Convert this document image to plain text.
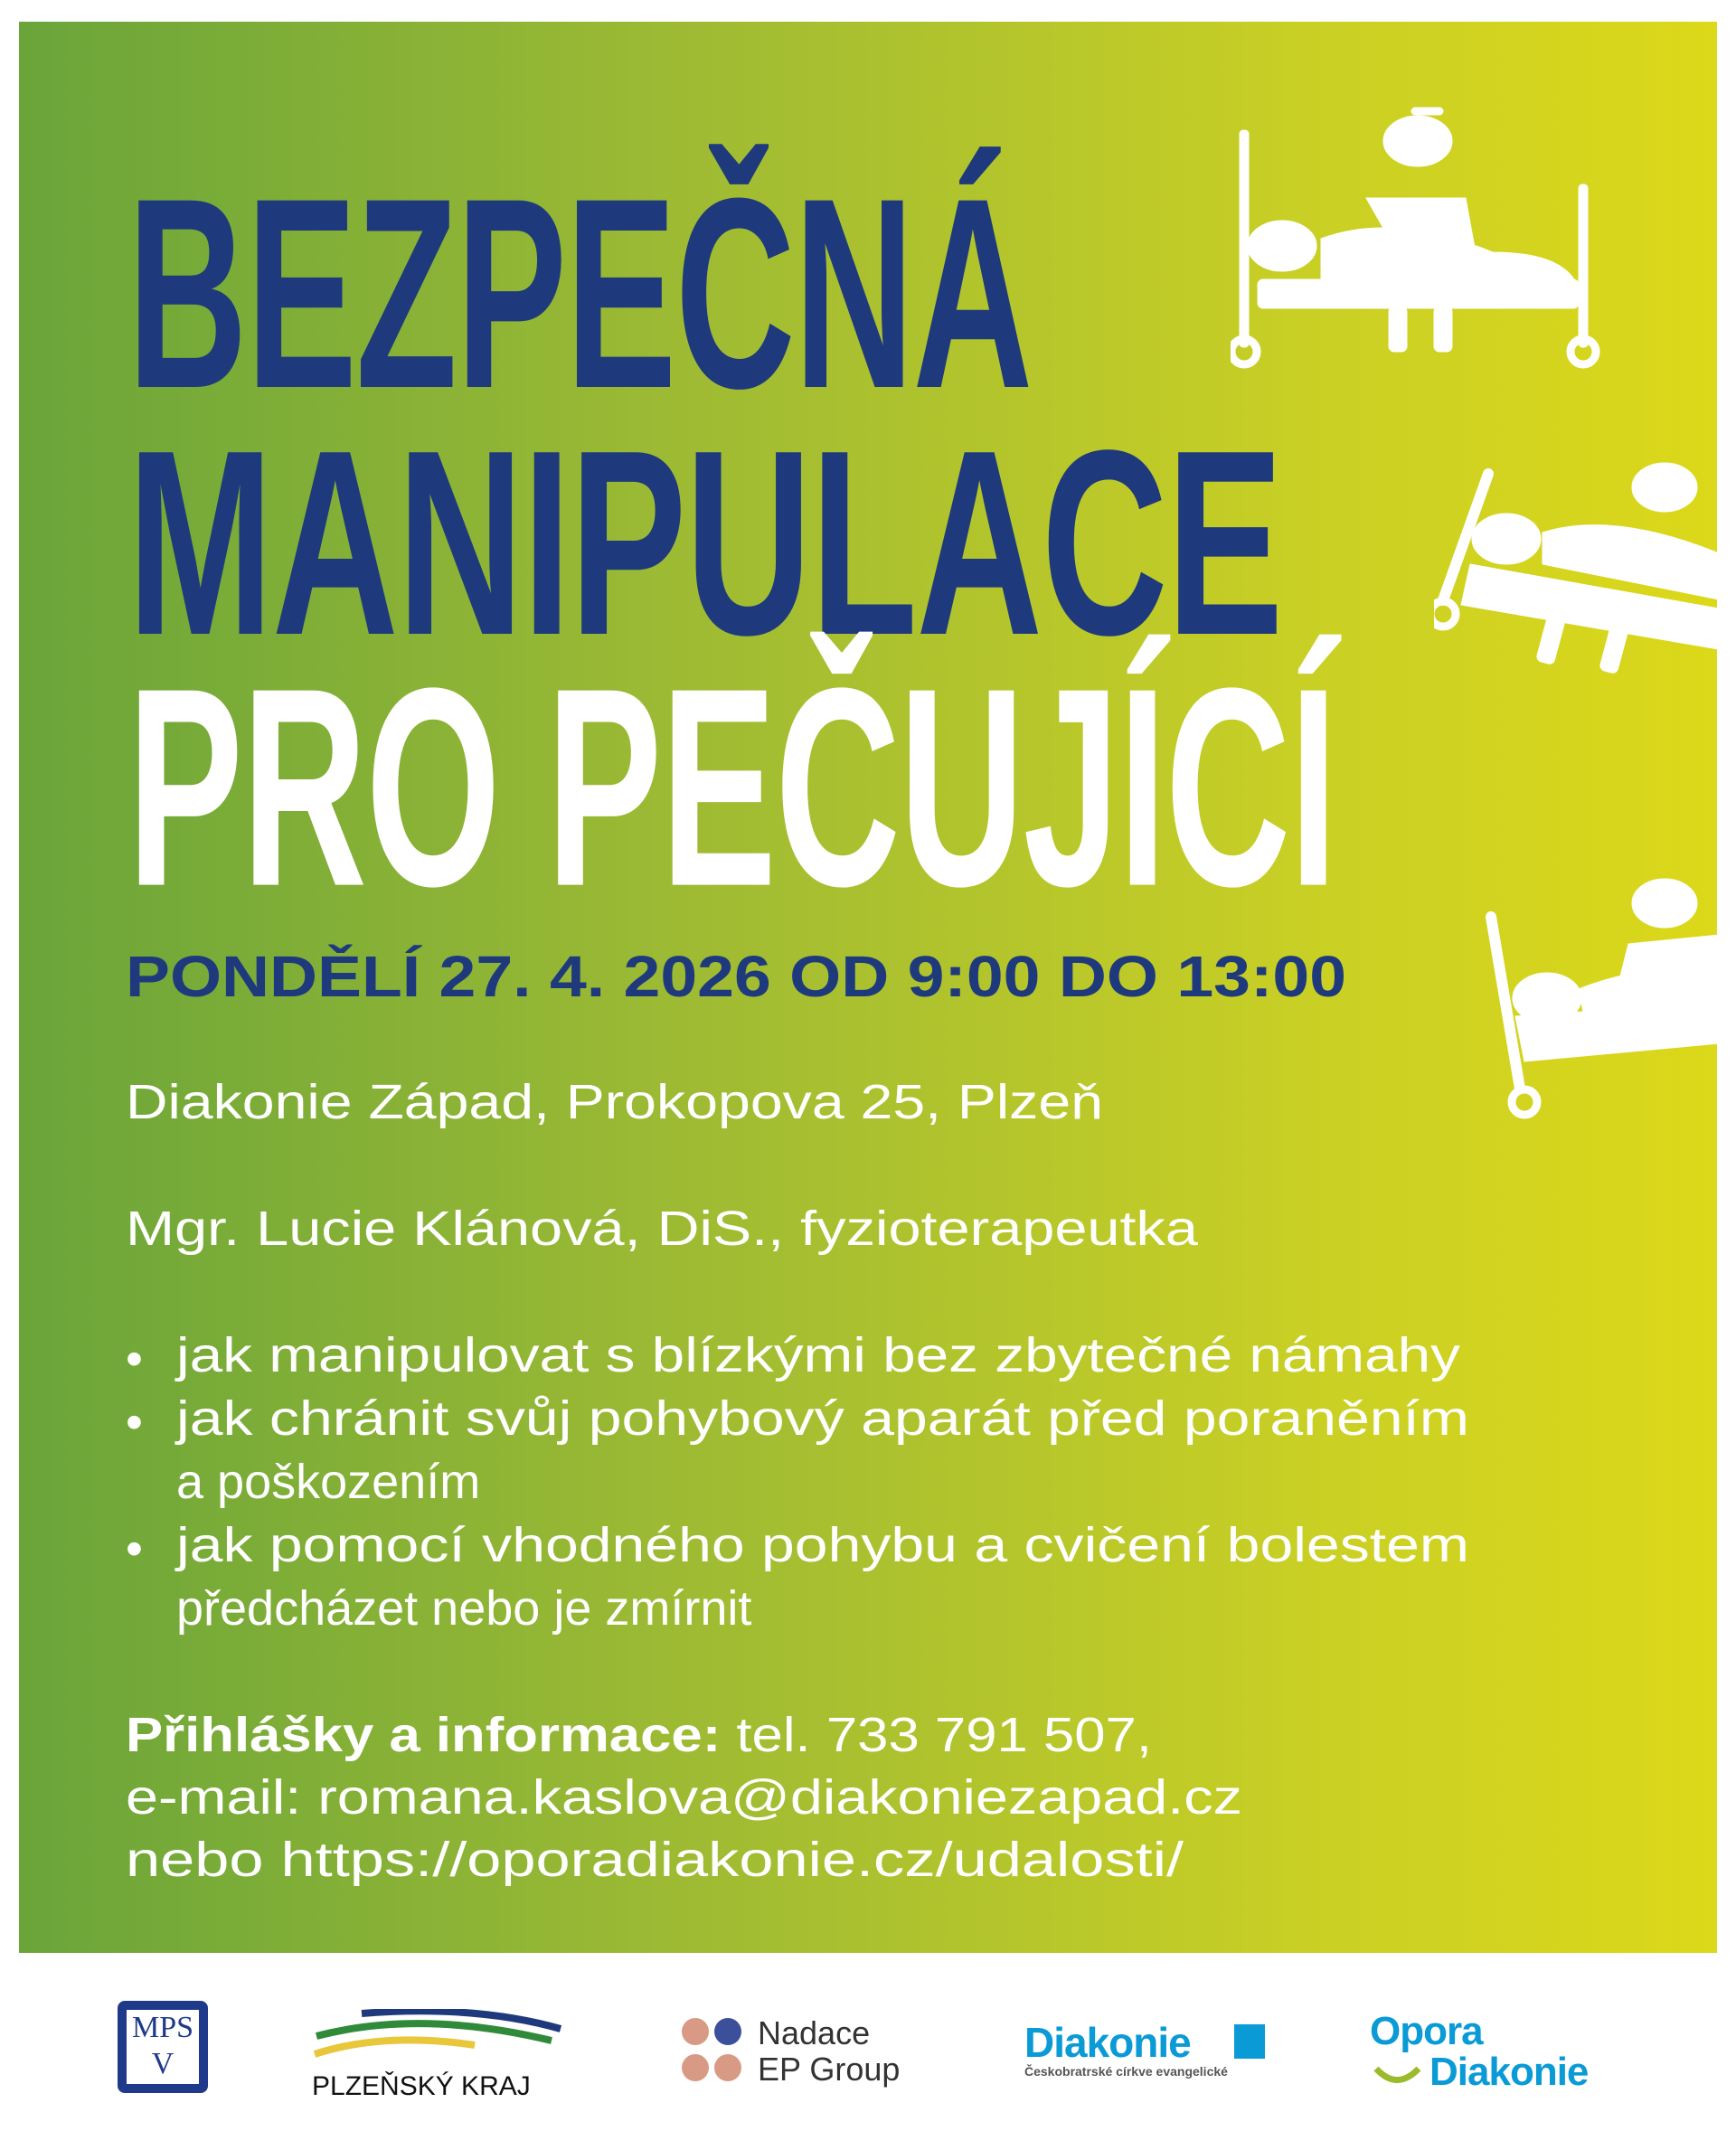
BEZPEČNÁ
MANIPULACE
PRO PEČUJÍCÍ
PONDĚLÍ 27. 4. 2026 OD 9:00 DO 13:00
Diakonie Západ, Prokopova 25, Plzeň
Mgr. Lucie Klánová, DiS., fyzioterapeutka
• jak manipulovat s blízkými bez zbytečné námahy
• jak chránit svůj pohybový aparát před poraněním
a poškozením
• jak pomocí vhodného pohybu a cvičení bolestem
předcházet nebo je zmírnit
Přihlášky a informace: tel. 733 791 507,
e-mail: romana.kaslova@diakoniezapad.cz
nebo https://oporadiakonie.cz/udalosti/
MPSV
PLZEŇSKÝ KRAJ
Nadace
EP Group
Diakonie
Českobratrské církve evangelické
Opora
Diakonie
